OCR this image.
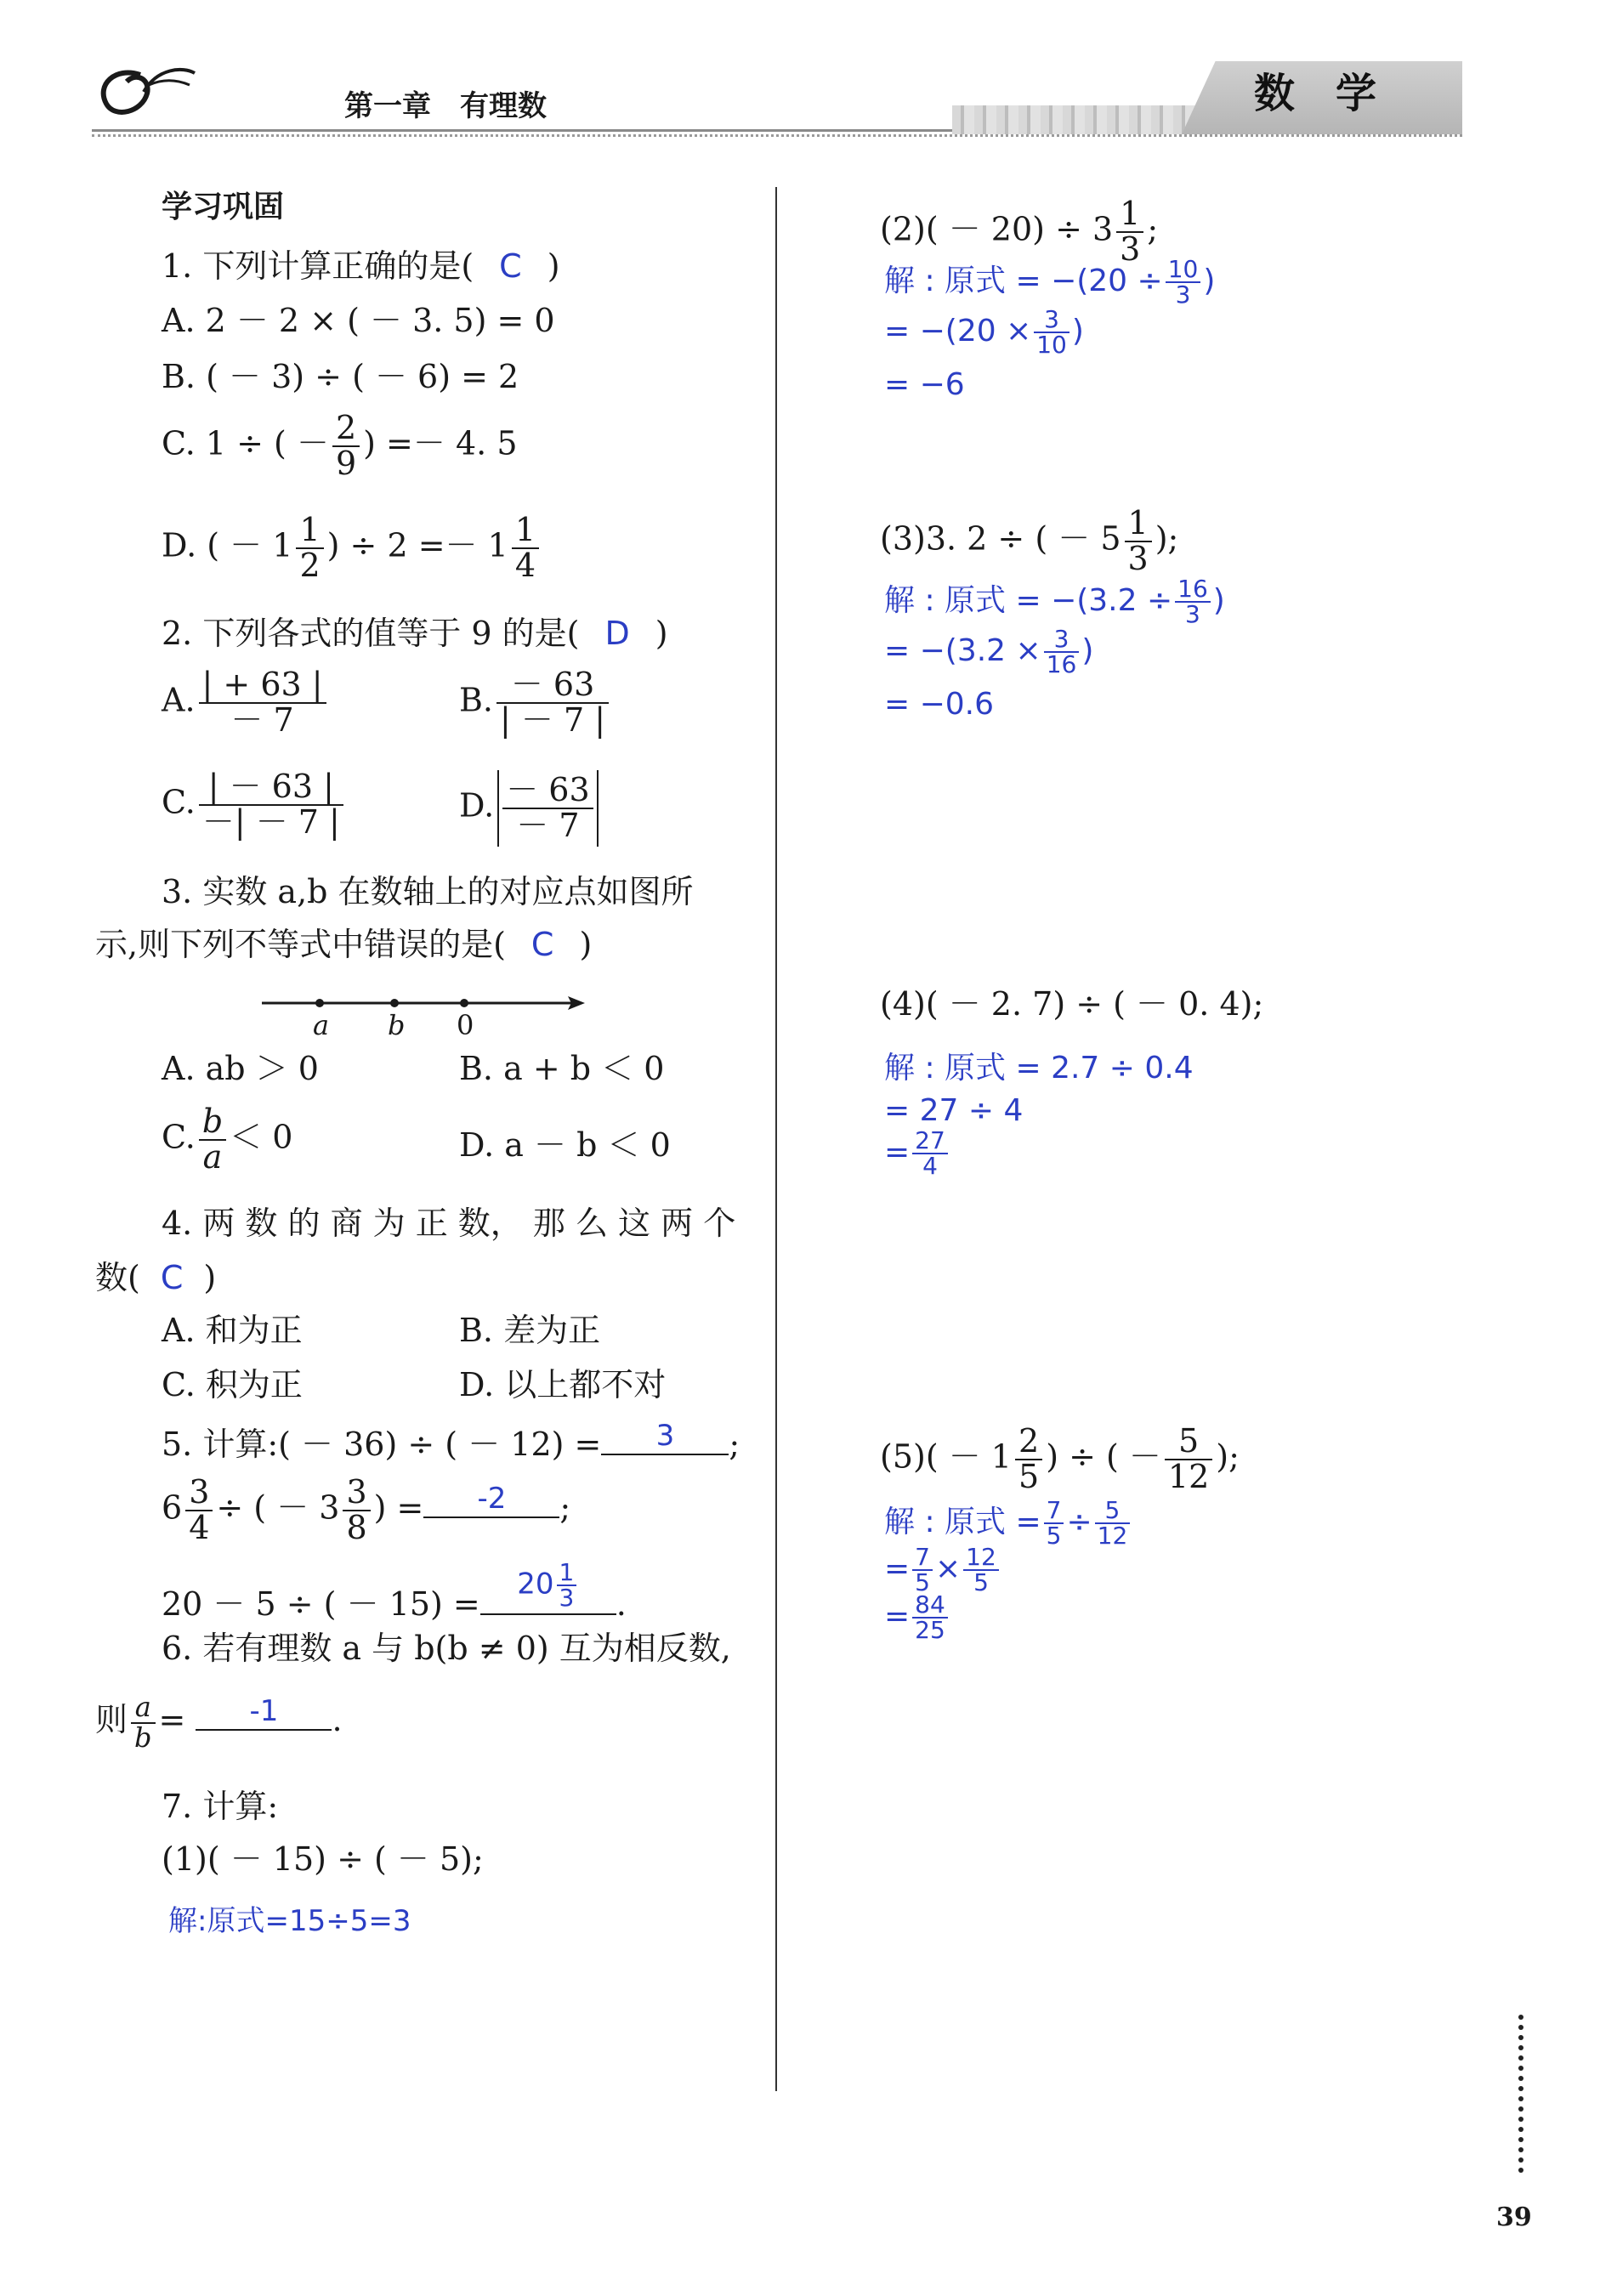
第一章　有理数	数　学
学习巩固
1. 下列计算正确的是( C )
A. 2 － 2 × ( － 3. 5) = 0
B. ( － 3) ÷ ( － 6) = 2
C. 1 ÷ ( － $\frac{2}{9}$ ) =－ 4. 5
D. ( － $1 \frac{1}{2}$ ) ÷ $2 =- 1 \frac{1}{4}$
2. 下列各式的值等于 9 的是( D )
A. $\frac{| + 63 |}{- 7}$	B. $\frac{- 63}{| - 7 |}$
C. $\frac{| - 63 |}{-| - 7 |}$	D. $\frac{- 63}{- 7}$
3. 实数 a,b 在数轴上的对应点如图所
示,则下列不等式中错误的是( C )
a b 0
A. ab ＞ 0	B. a + b ＜ 0
C. $\frac{b}{a} < 0$	D. a － b ＜ 0
4. 两 数 的 商 为 正 数， 那 么 这 两 个
数( C )
A. 和为正	B. 差为正
C. 积为正	D. 以上都不对
5. 计算:( － 36) ÷ ( － 12) =	3	;
$6 \frac{3}{4}$ ÷ ( － $3 \frac{3}{8}$ ) =	-2	;
20 － 5 ÷ ( － 15) =
$20 \frac{1}{3}$ .
6. 若有理数 a 与 b(b ≠ 0) 互为相反数,
则 $\frac{a}{b}$ =	-1	.
7. 计算:
(1)( － 15) ÷ ( － 5);
解:原式=15÷5=3
$(2)( - 20) \div 3 \frac{1}{3}$ ;
解 : 原式 = $-(20 \div \frac{10}{3}$ )
= $-(20 \times \frac{3}{10}$ )
= −6
(3)3. 2 ÷ ( － $5 \frac{1}{3}$ );
解 : 原式 = $-(3.2 \div \frac{16}{3}$ )
= $-(3.2 \times \frac{3}{16}$ )
= −0.6
(4)( － 2. 7) ÷ ( － 0. 4);
解 : 原式 = 2.7 ÷ 0.4
= 27 ÷ 4
= $\frac{27}{4}$
$(5)( - 1 \frac{2}{5}$ ) ÷ ( － $\frac{5}{12}$ );
解 : 原式 = $\frac{7}{5} \div \frac{5}{12}$
= $\frac{7}{5} \times \frac{12}{5}$
= $\frac{84}{25}$
39
